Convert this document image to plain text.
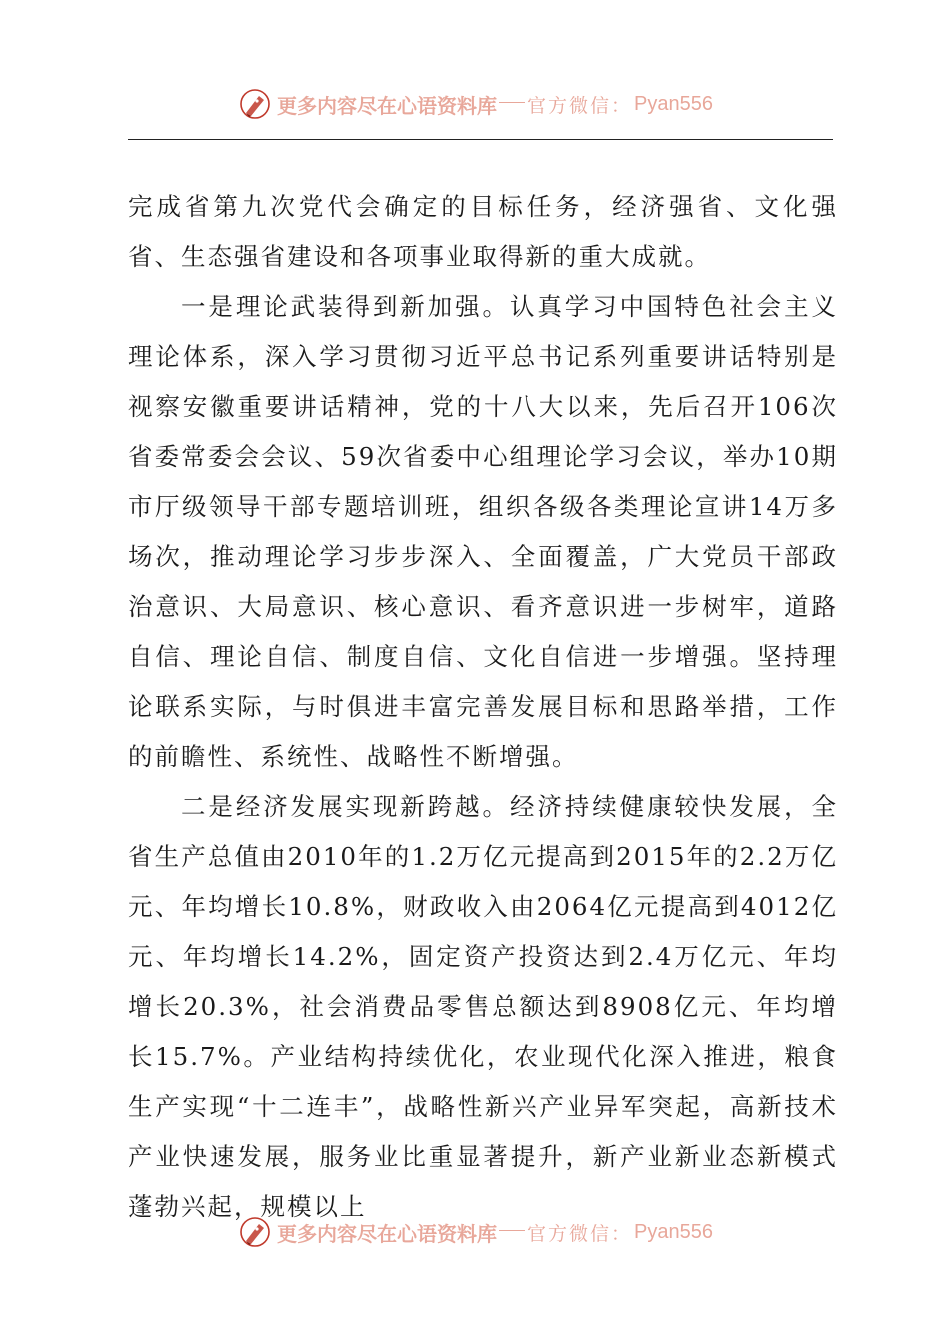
更多内容尽在心语资料库 官方微信： Pyan556

完成省第九次党代会确定的目标任务，经济强省、文化强省、生态强省建设和各项事业取得新的重大成就。

一是理论武装得到新加强。认真学习中国特色社会主义理论体系，深入学习贯彻习近平总书记系列重要讲话特别是视察安徽重要讲话精神，党的十八大以来，先后召开106次省委常委会会议、59次省委中心组理论学习会议，举办10期市厅级领导干部专题培训班，组织各级各类理论宣讲14万多场次，推动理论学习步步深入、全面覆盖，广大党员干部政治意识、大局意识、核心意识、看齐意识进一步树牢，道路自信、理论自信、制度自信、文化自信进一步增强。坚持理论联系实际，与时俱进丰富完善发展目标和思路举措，工作的前瞻性、系统性、战略性不断增强。

二是经济发展实现新跨越。经济持续健康较快发展，全省生产总值由2010年的1.2万亿元提高到2015年的2.2万亿元、年均增长10.8%，财政收入由2064亿元提高到4012亿元、年均增长14.2%，固定资产投资达到2.4万亿元、年均增长20.3%，社会消费品零售总额达到8908亿元、年均增长15.7%。产业结构持续优化，农业现代化深入推进，粮食生产实现“十二连丰”，战略性新兴产业异军突起，高新技术产业快速发展，服务业比重显著提升，新产业新业态新模式蓬勃兴起，规模以上

更多内容尽在心语资料库 官方微信： Pyan556
